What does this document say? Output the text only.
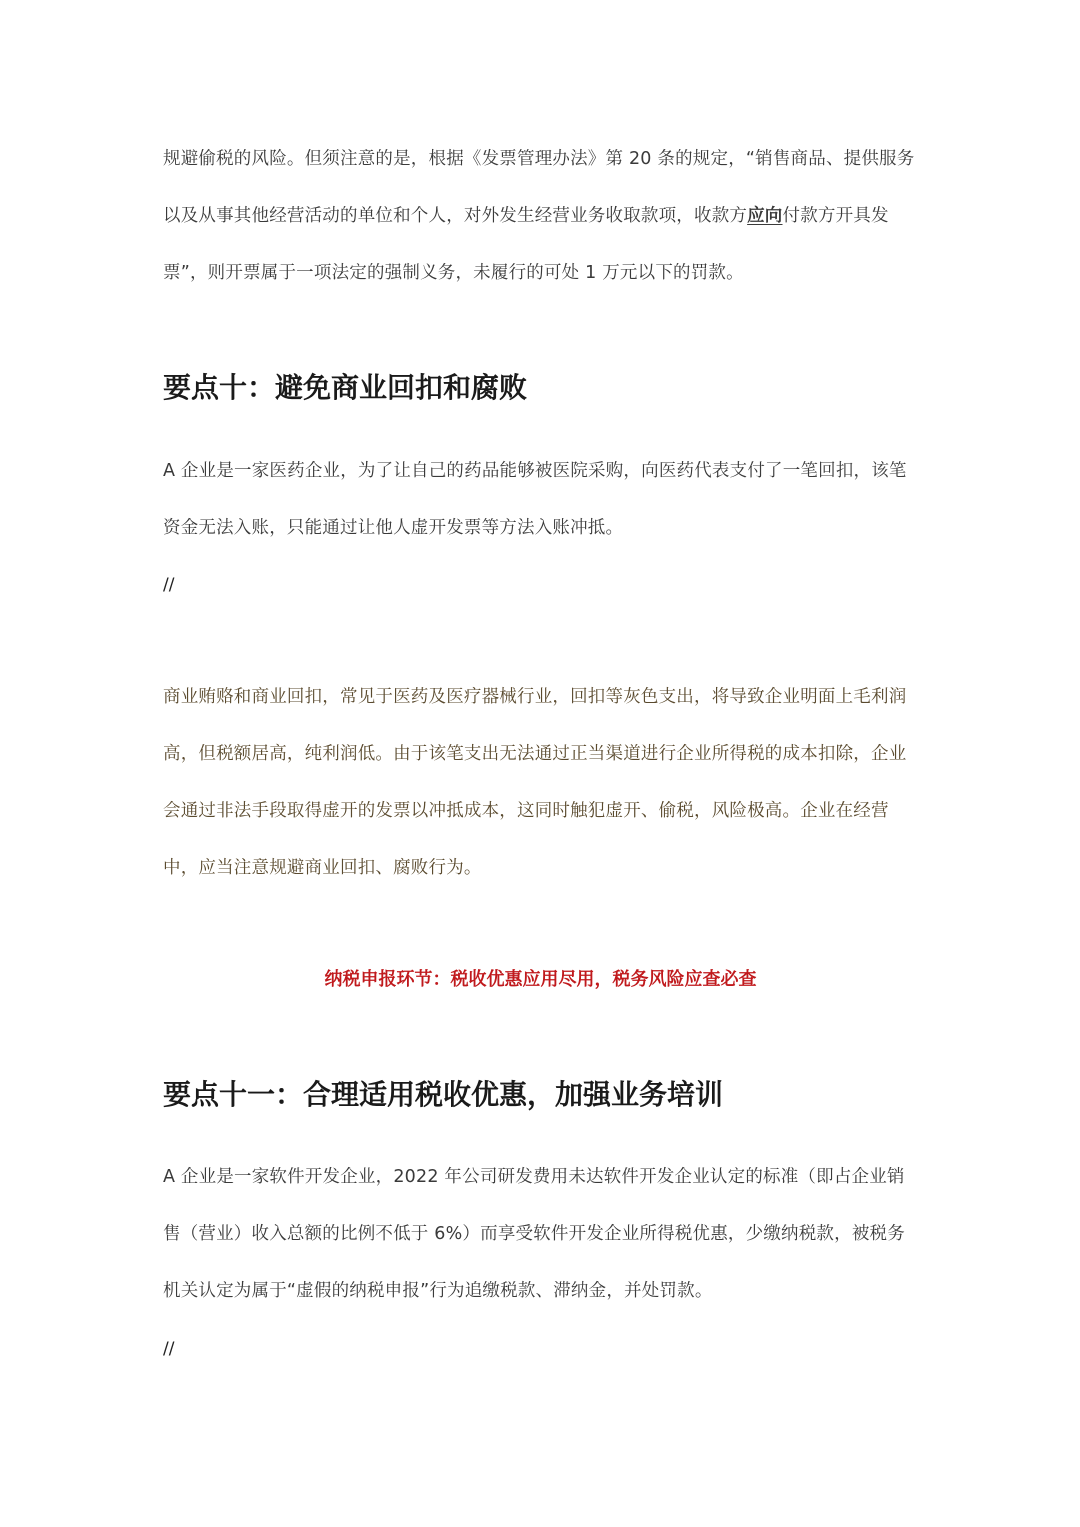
规避偷税的风险。但须注意的是，根据《发票管理办法》第 20 条的规定，“销售商品、提供服务以及从事其他经营活动的单位和个人，对外发生经营业务收取款项，收款方应向付款方开具发票”，则开票属于一项法定的强制义务，未履行的可处 1 万元以下的罚款。

要点十：避免商业回扣和腐败

A 企业是一家医药企业，为了让自己的药品能够被医院采购，向医药代表支付了一笔回扣，该笔资金无法入账，只能通过让他人虚开发票等方法入账冲抵。

//

商业贿赂和商业回扣，常见于医药及医疗器械行业，回扣等灰色支出，将导致企业明面上毛利润高，但税额居高，纯利润低。由于该笔支出无法通过正当渠道进行企业所得税的成本扣除，企业会通过非法手段取得虚开的发票以冲抵成本，这同时触犯虚开、偷税，风险极高。企业在经营中，应当注意规避商业回扣、腐败行为。

纳税申报环节：税收优惠应用尽用，税务风险应查必查

要点十一：合理适用税收优惠，加强业务培训

A 企业是一家软件开发企业，2022 年公司研发费用未达软件开发企业认定的标准（即占企业销售（营业）收入总额的比例不低于 6%）而享受软件开发企业所得税优惠，少缴纳税款，被税务机关认定为属于“虚假的纳税申报”行为追缴税款、滞纳金，并处罚款。

//
